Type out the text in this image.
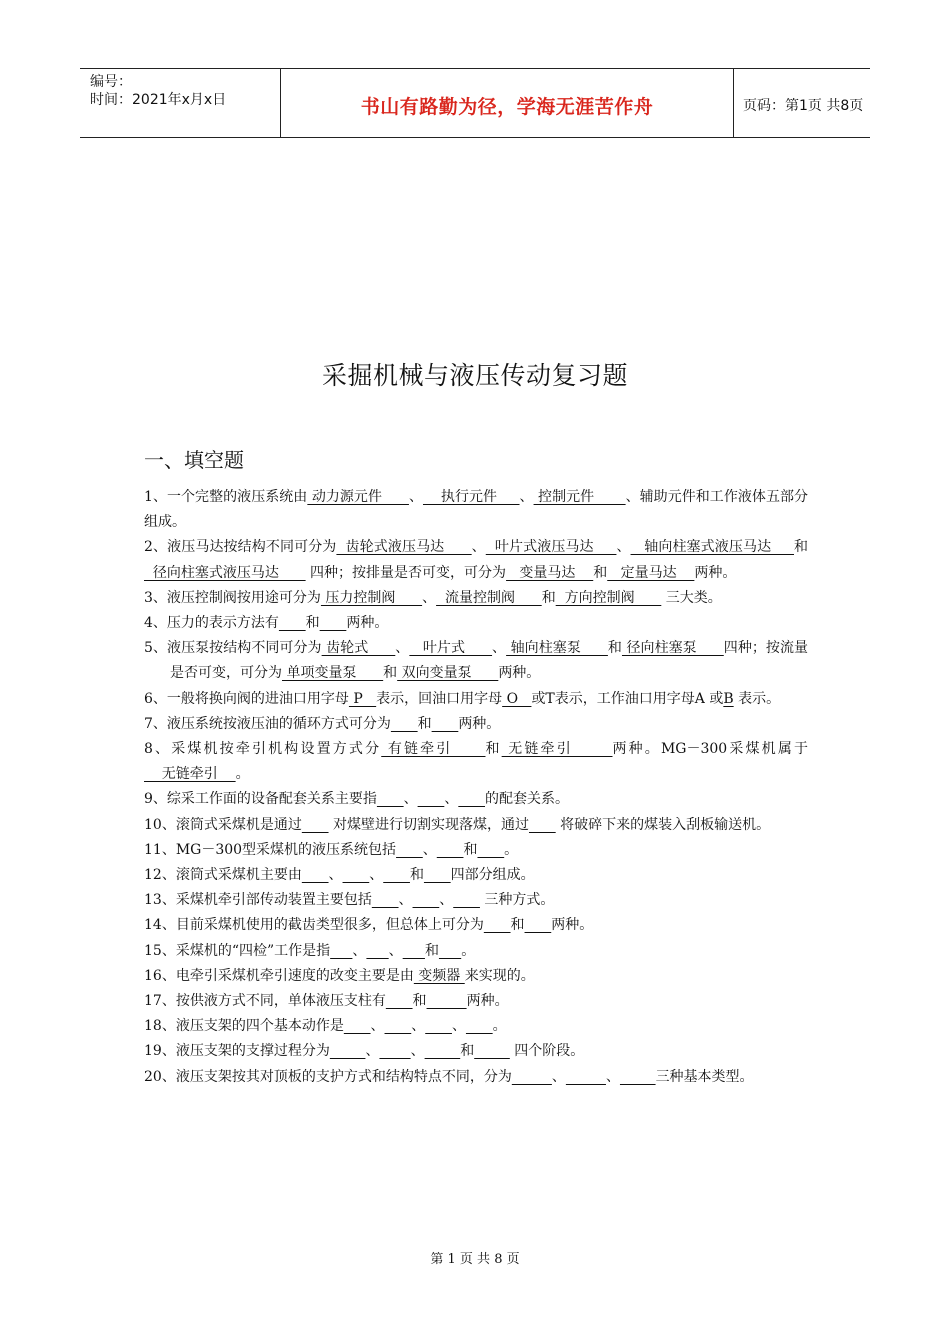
编号：
时间：2021年x月x日	书山有路勤为径，学海无涯苦作舟	页码：第1页 共8页
采掘机械与液压传动复习题
一、填空题

1、一个完整的液压系统由 动力源元件      、    执行元件     、 控制元件       、辅助元件和工作液体五部分组成。

2、液压马达按结构不同可分为  齿轮式液压马达      、  叶片式液压马达     、   轴向柱塞式液压马达     和  径向柱塞式液压马达       四种；按排量是否可变，可分为   变量马达    和   定量马达    两种。

3、液压控制阀按用途可分为 压力控制阀      、  流量控制阀      和  方向控制阀       三大类。

4、压力的表示方法有 和 两种。

5、液压泵按结构不同可分为 齿轮式      、   叶片式      、 轴向柱塞泵      和 径向柱塞泵      四种；按流量是否可变，可分为 单项变量泵      和 双向变量泵      两种。

6、一般将换向阀的进油口用字母 P   表示，回油口用字母 O   或T表示，工作油口用字母A 或B 表示。

7、液压系统按液压油的循环方式可分为 和 两种。

8、采煤机按牵引机构设置方式分 有链牵引     和 无链牵引      两种。MG－300采煤机属于    无链牵引    。

9、综采工作面的设备配套关系主要指 、 、 的配套关系。

10、滚筒式采煤机是通过       对煤壁进行切割实现落煤，通过       将破碎下来的煤装入刮板输送机。

11、MG－300型采煤机的液压系统包括 、 和 。

12、滚筒式采煤机主要由 、 、 和 四部分组成。

13、采煤机牵引部传动装置主要包括 、 、       三种方式。

14、目前采煤机使用的截齿类型很多，但总体上可分为 和 两种。

15、采煤机的“四检”工作是指 、 、 和 。

16、电牵引采煤机牵引速度的改变主要是由 变频器 来实现的。

17、按供液方式不同，单体液压支柱有 和	两种。

18、液压支架的四个基本动作是 、 、 、 。

19、液压支架的支撑过程分为	、 、	和	四个阶段。

20、液压支架按其对顶板的支护方式和结构特点不同，分为	、	、	三种基本类型。

第 1 页 共 8 页
